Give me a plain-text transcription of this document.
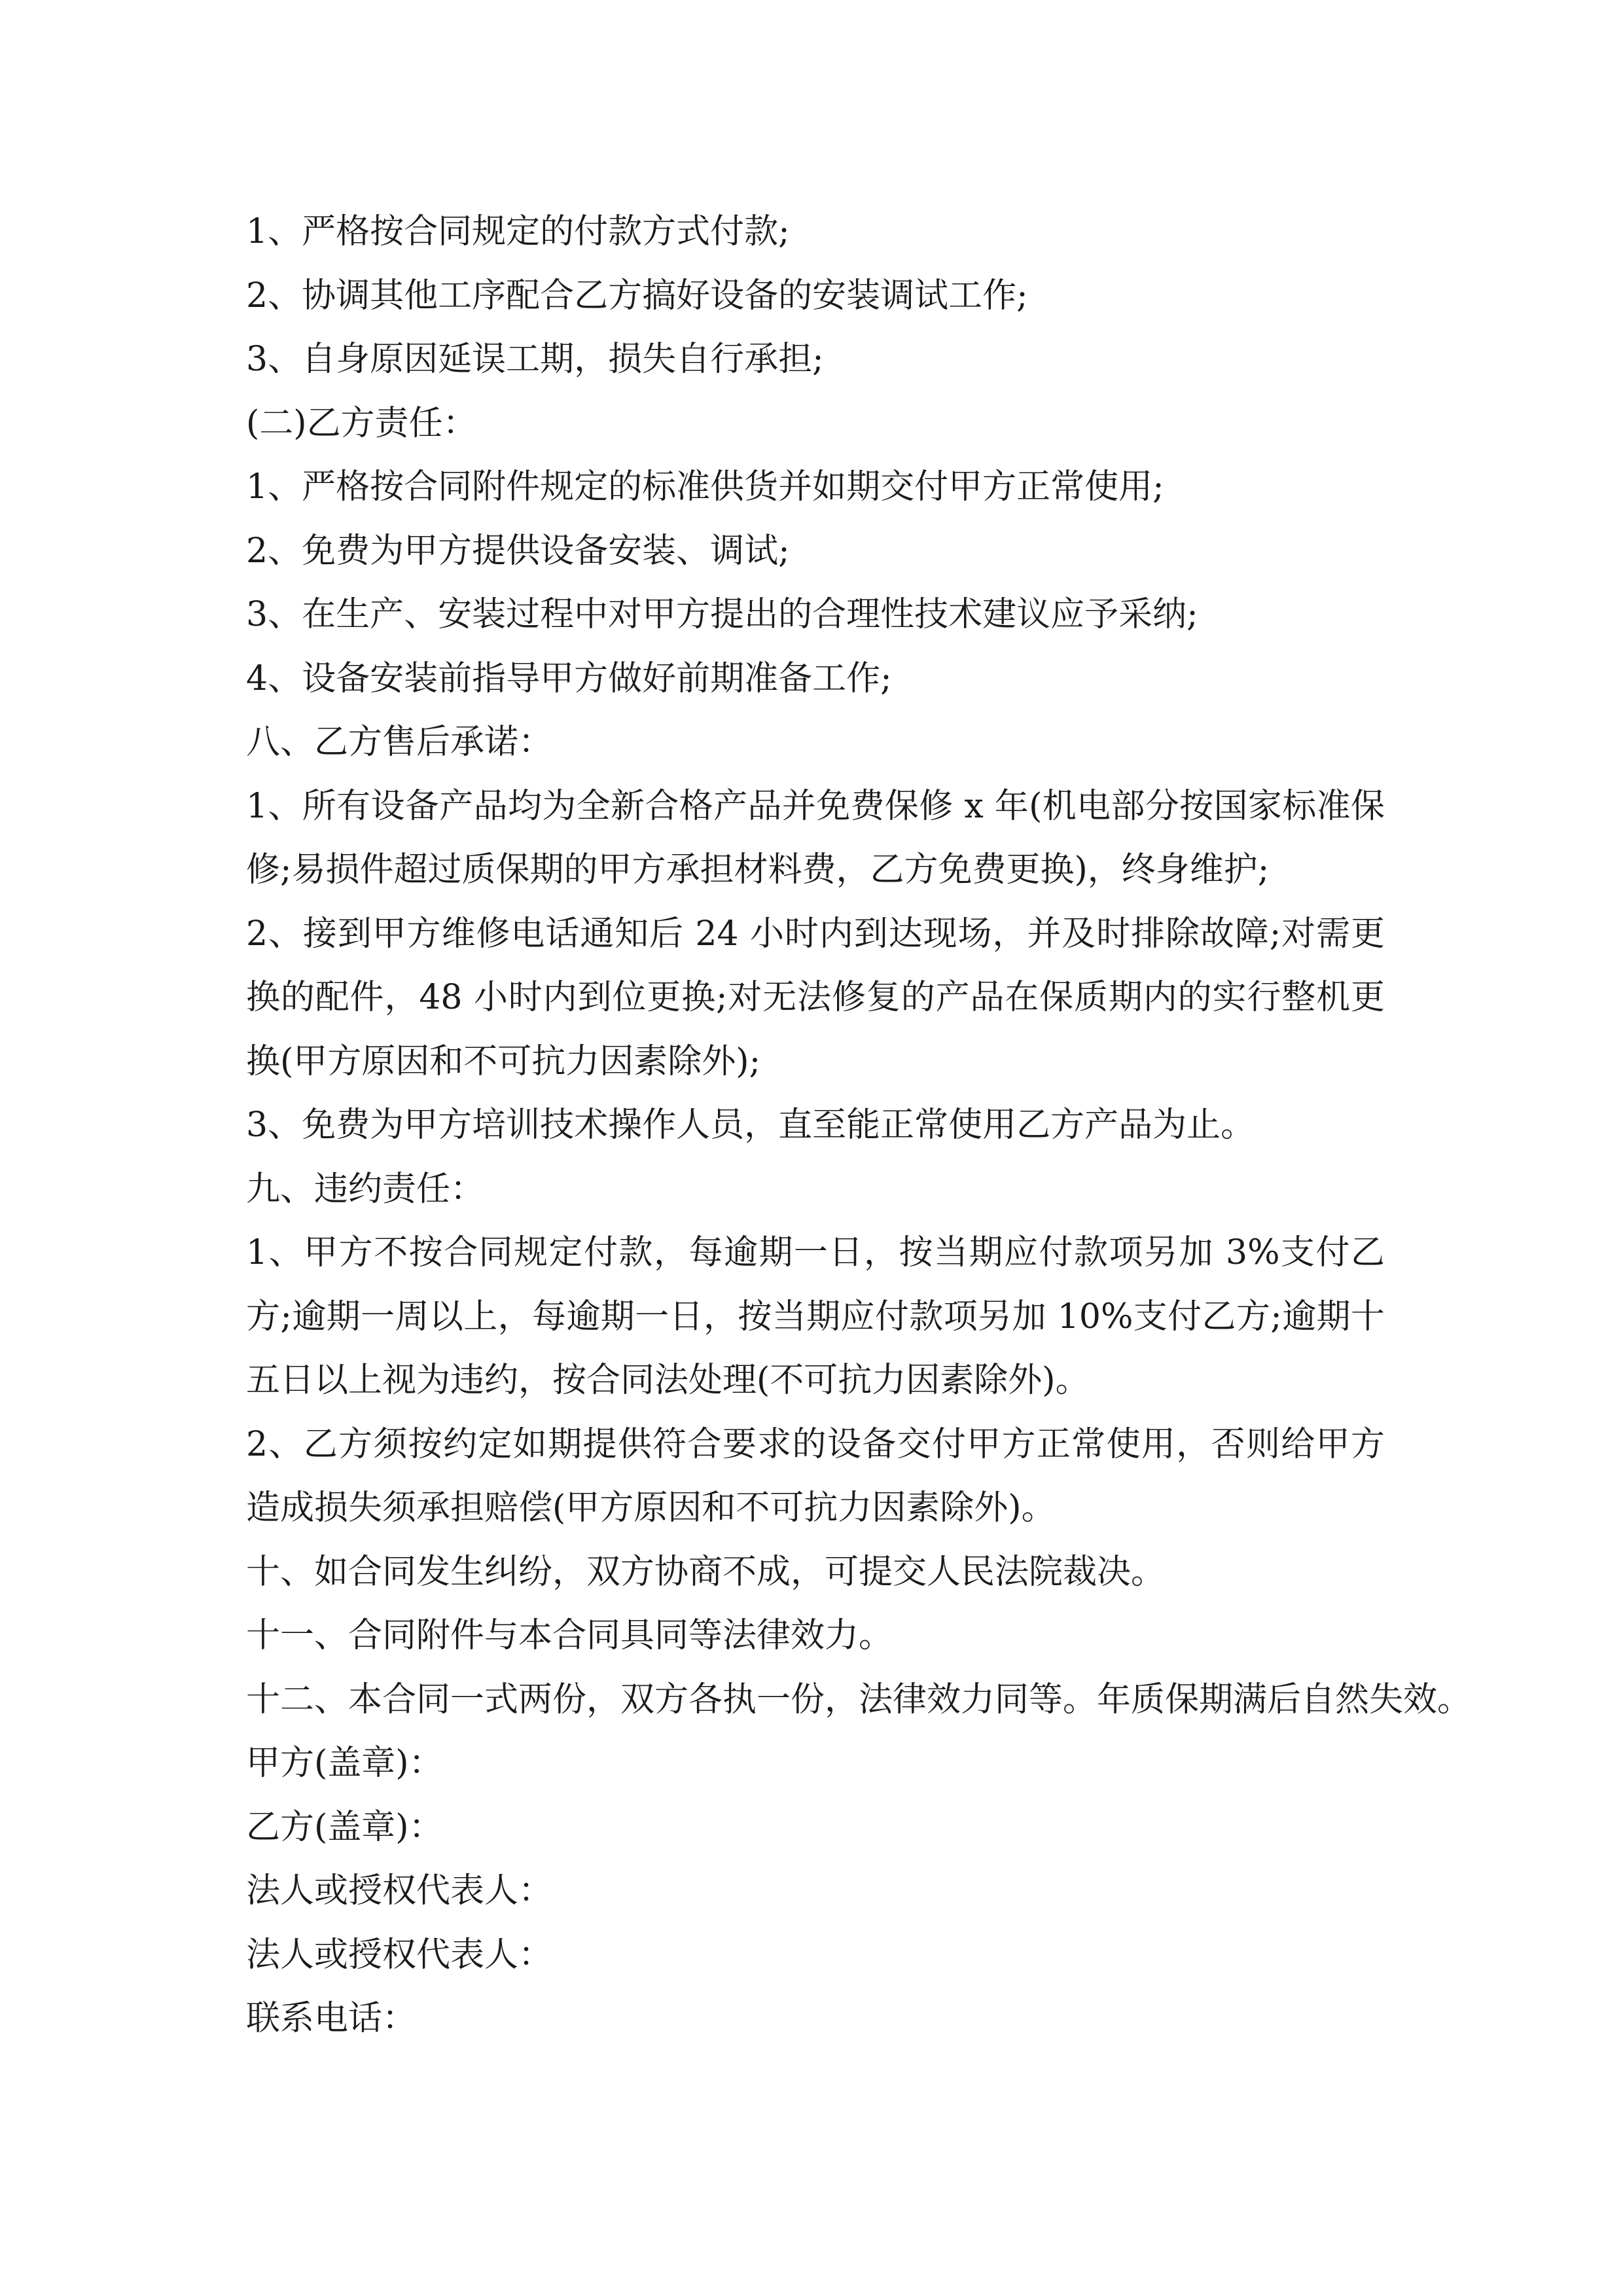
1、严格按合同规定的付款方式付款;

2、协调其他工序配合乙方搞好设备的安装调试工作;

3、自身原因延误工期，损失自行承担;

(二)乙方责任：

1、严格按合同附件规定的标准供货并如期交付甲方正常使用;

2、免费为甲方提供设备安装、调试;

3、在生产、安装过程中对甲方提出的合理性技术建议应予采纳;

4、设备安装前指导甲方做好前期准备工作;

八、乙方售后承诺：

1、所有设备产品均为全新合格产品并免费保修 x 年(机电部分按国家标准保修;易损件超过质保期的甲方承担材料费，乙方免费更换)，终身维护;

2、接到甲方维修电话通知后 24 小时内到达现场，并及时排除故障;对需更换的配件，48 小时内到位更换;对无法修复的产品在保质期内的实行整机更换(甲方原因和不可抗力因素除外);

3、免费为甲方培训技术操作人员，直至能正常使用乙方产品为止。

九、违约责任：

1、甲方不按合同规定付款，每逾期一日，按当期应付款项另加 3%支付乙方;逾期一周以上，每逾期一日，按当期应付款项另加 10%支付乙方;逾期十五日以上视为违约，按合同法处理(不可抗力因素除外)。

2、乙方须按约定如期提供符合要求的设备交付甲方正常使用，否则给甲方造成损失须承担赔偿(甲方原因和不可抗力因素除外)。

十、如合同发生纠纷，双方协商不成，可提交人民法院裁决。

十一、合同附件与本合同具同等法律效力。

十二、本合同一式两份，双方各执一份，法律效力同等。年质保期满后自然失效。

甲方(盖章)：

乙方(盖章)：

法人或授权代表人：

法人或授权代表人：

联系电话：
